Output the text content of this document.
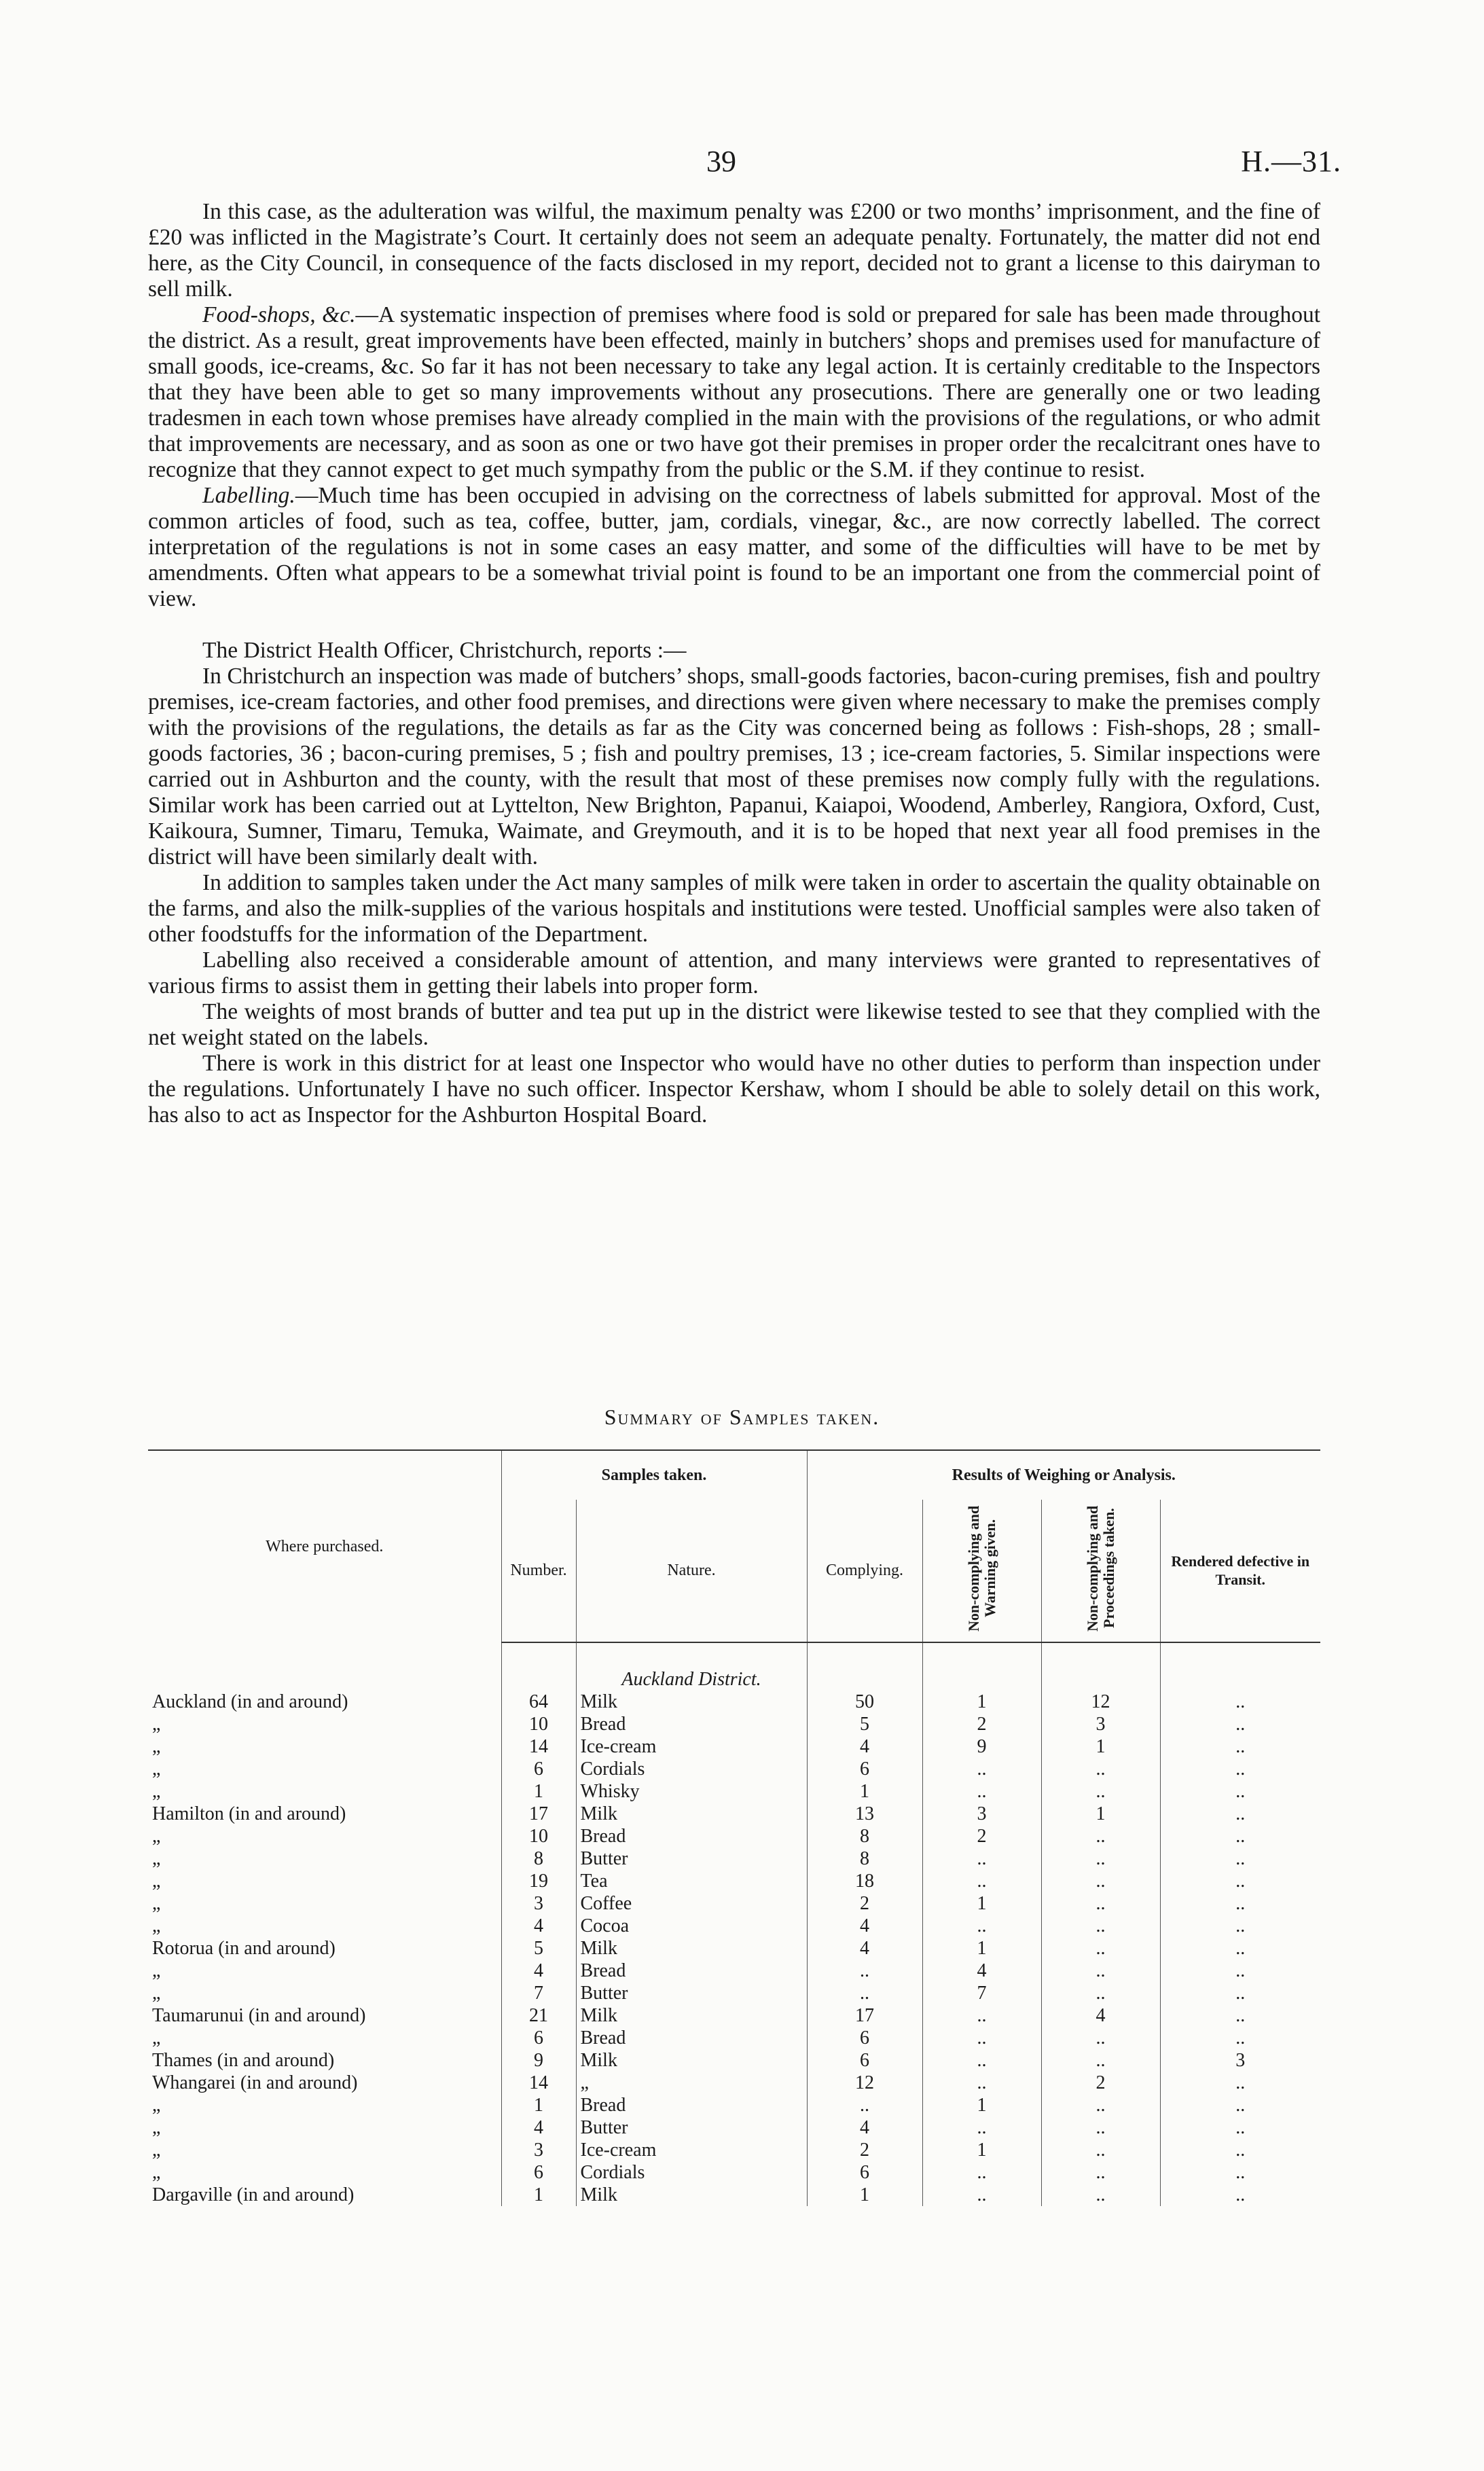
39	H.—31.

In this case, as the adulteration was wilful, the maximum penalty was £200 or two months’ imprisonment, and the fine of £20 was inflicted in the Magistrate’s Court. It certainly does not seem an adequate penalty. Fortunately, the matter did not end here, as the City Council, in consequence of the facts disclosed in my report, decided not to grant a license to this dairyman to sell milk.

Food-shops, &c.—A systematic inspection of premises where food is sold or prepared for sale has been made throughout the district. As a result, great improvements have been effected, mainly in butchers’ shops and premises used for manufacture of small goods, ice-creams, &c. So far it has not been necessary to take any legal action. It is certainly creditable to the Inspectors that they have been able to get so many improvements without any prosecutions. There are generally one or two leading tradesmen in each town whose premises have already complied in the main with the provisions of the regulations, or who admit that improvements are necessary, and as soon as one or two have got their premises in proper order the recalcitrant ones have to recognize that they cannot expect to get much sympathy from the public or the S.M. if they continue to resist.

Labelling.—Much time has been occupied in advising on the correctness of labels submitted for approval. Most of the common articles of food, such as tea, coffee, butter, jam, cordials, vinegar, &c., are now correctly labelled. The correct interpretation of the regulations is not in some cases an easy matter, and some of the difficulties will have to be met by amendments. Often what appears to be a somewhat trivial point is found to be an important one from the commercial point of view.

The District Health Officer, Christchurch, reports :—

In Christchurch an inspection was made of butchers’ shops, small-goods factories, bacon-curing premises, fish and poultry premises, ice-cream factories, and other food premises, and directions were given where necessary to make the premises comply with the provisions of the regulations, the details as far as the City was concerned being as follows : Fish-shops, 28 ; small-goods factories, 36 ; bacon-curing premises, 5 ; fish and poultry premises, 13 ; ice-cream factories, 5. Similar inspections were carried out in Ashburton and the county, with the result that most of these premises now comply fully with the regulations. Similar work has been carried out at Lyttelton, New Brighton, Papanui, Kaiapoi, Woodend, Amberley, Rangiora, Oxford, Cust, Kaikoura, Sumner, Timaru, Temuka, Waimate, and Greymouth, and it is to be hoped that next year all food premises in the district will have been similarly dealt with.

In addition to samples taken under the Act many samples of milk were taken in order to ascertain the quality obtainable on the farms, and also the milk-supplies of the various hospitals and institutions were tested. Unofficial samples were also taken of other foodstuffs for the information of the Department.

Labelling also received a considerable amount of attention, and many interviews were granted to representatives of various firms to assist them in getting their labels into proper form.

The weights of most brands of butter and tea put up in the district were likewise tested to see that they complied with the net weight stated on the labels.

There is work in this district for at least one Inspector who would have no other duties to perform than inspection under the regulations. Unfortunately I have no such officer. Inspector Kershaw, whom I should be able to solely detail on this work, has also to act as Inspector for the Ashburton Hospital Board.

Summary of Samples taken.
Where purchased.	Samples taken.		Results of Weighing or Analysis.			
	Number.	Nature.	Complying.	Non-complying and Warning given.	Non-complying and Proceedings taken.	Rendered defective in Transit.
		Auckland District.				
Auckland (in and around)	64	Milk	50	1	12	..
„	10	Bread	5	2	3	..
„	14	Ice-cream	4	9	1	..
„	6	Cordials	6	..	..	..
„	1	Whisky	1	..	..	..
Hamilton (in and around)	17	Milk	13	3	1	..
„	10	Bread	8	2	..	..
„	8	Butter	8	..	..	..
„	19	Tea	18	..	..	..
„	3	Coffee	2	1	..	..
„	4	Cocoa	4	..	..	..
Rotorua (in and around)	5	Milk	4	1	..	..
„	4	Bread	..	4	..	..
„	7	Butter	..	7	..	..
Taumarunui (in and around)	21	Milk	17	..	4	..
„	6	Bread	6	..	..	..
Thames (in and around)	9	Milk	6	..	..	3
Whangarei (in and around)	14	„	12	..	2	..
„	1	Bread	..	1	..	..
„	4	Butter	4	..	..	..
„	3	Ice-cream	2	1	..	..
„	6	Cordials	6	..	..	..
Dargaville (in and around)	1	Milk	1	..	..	..
